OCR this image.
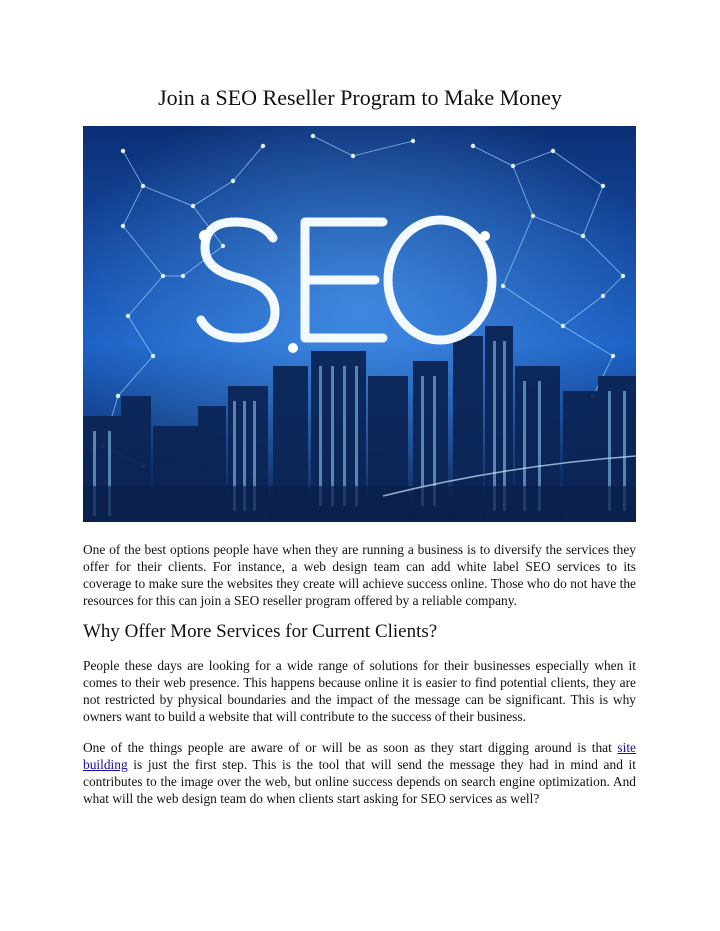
Join a SEO Reseller Program to Make Money

One of the best options people have when they are running a business is to diversify the services they offer for their clients. For instance, a web design team can add white label SEO services to its coverage to make sure the websites they create will achieve success online. Those who do not have the resources for this can join a SEO reseller program offered by a reliable company.

Why Offer More Services for Current Clients?

People these days are looking for a wide range of solutions for their businesses especially when it comes to their web presence. This happens because online it is easier to find potential clients, they are not restricted by physical boundaries and the impact of the message can be significant. This is why owners want to build a website that will contribute to the success of their business.

One of the things people are aware of or will be as soon as they start digging around is that site building is just the first step. This is the tool that will send the message they had in mind and it contributes to the image over the web, but online success depends on search engine optimization. And what will the web design team do when clients start asking for SEO services as well?
